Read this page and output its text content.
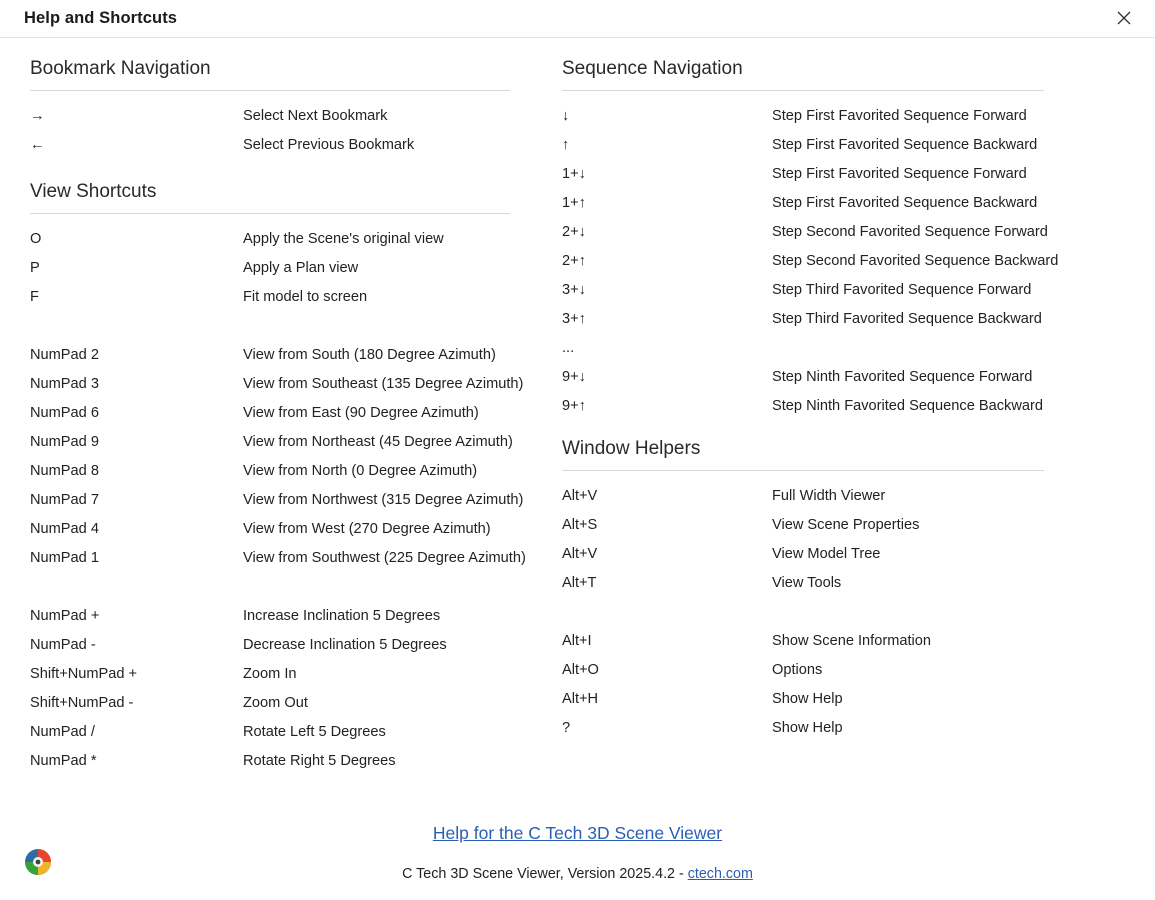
Help and Shortcuts
Bookmark Navigation
→	Select Next Bookmark
←	Select Previous Bookmark
View Shortcuts
O	Apply the Scene's original view
P	Apply a Plan view
F	Fit model to screen

NumPad 2	View from South (180 Degree Azimuth)
NumPad 3	View from Southeast (135 Degree Azimuth)
NumPad 6	View from East (90 Degree Azimuth)
NumPad 9	View from Northeast (45 Degree Azimuth)
NumPad 8	View from North (0 Degree Azimuth)
NumPad 7	View from Northwest (315 Degree Azimuth)
NumPad 4	View from West (270 Degree Azimuth)
NumPad 1	View from Southwest (225 Degree Azimuth)

NumPad +	Increase Inclination 5 Degrees
NumPad -	Decrease Inclination 5 Degrees
Shift+NumPad +	Zoom In
Shift+NumPad -	Zoom Out
NumPad /	Rotate Left 5 Degrees
NumPad *	Rotate Right 5 Degrees
Sequence Navigation
↓	Step First Favorited Sequence Forward
↑	Step First Favorited Sequence Backward
1+↓	Step First Favorited Sequence Forward
1+↑	Step First Favorited Sequence Backward
2+↓	Step Second Favorited Sequence Forward
2+↑	Step Second Favorited Sequence Backward
3+↓	Step Third Favorited Sequence Forward
3+↑	Step Third Favorited Sequence Backward
...	
9+↓	Step Ninth Favorited Sequence Forward
9+↑	Step Ninth Favorited Sequence Backward
Window Helpers
Alt+V	Full Width Viewer
Alt+S	View Scene Properties
Alt+V	View Model Tree
Alt+T	View Tools

Alt+I	Show Scene Information
Alt+O	Options
Alt+H	Show Help
?	Show Help
Help for the C Tech 3D Scene Viewer
C Tech 3D Scene Viewer, Version 2025.4.2 - ctech.com
